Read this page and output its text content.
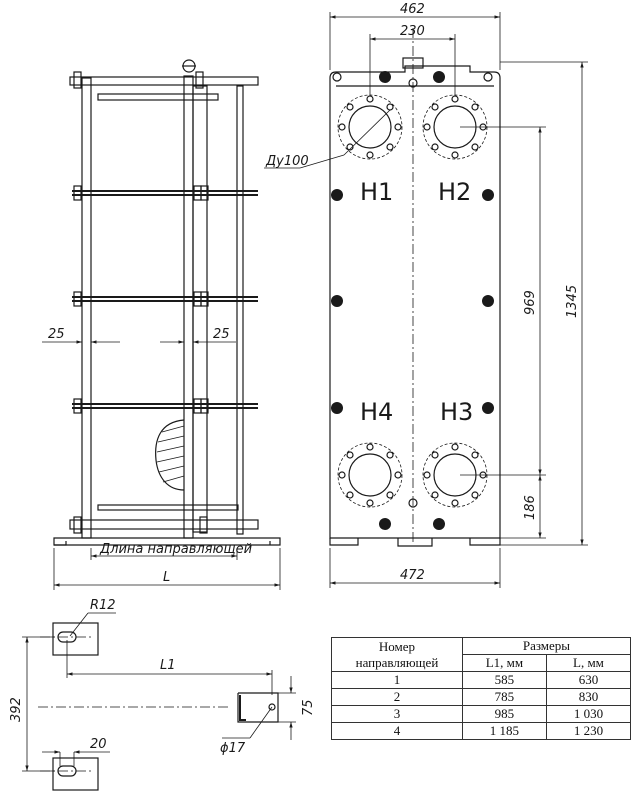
25	25
Длина направляющей
L
H1 H2
H4 H3
Ду100
462
230
472
1345
969
186
R12
L1
392	75
20	ϕ17
Номер направляющей	Размеры	
	L1, мм	L, мм
1	585	630
2	785	830
3	985	1 030
4	1 185	1 230
